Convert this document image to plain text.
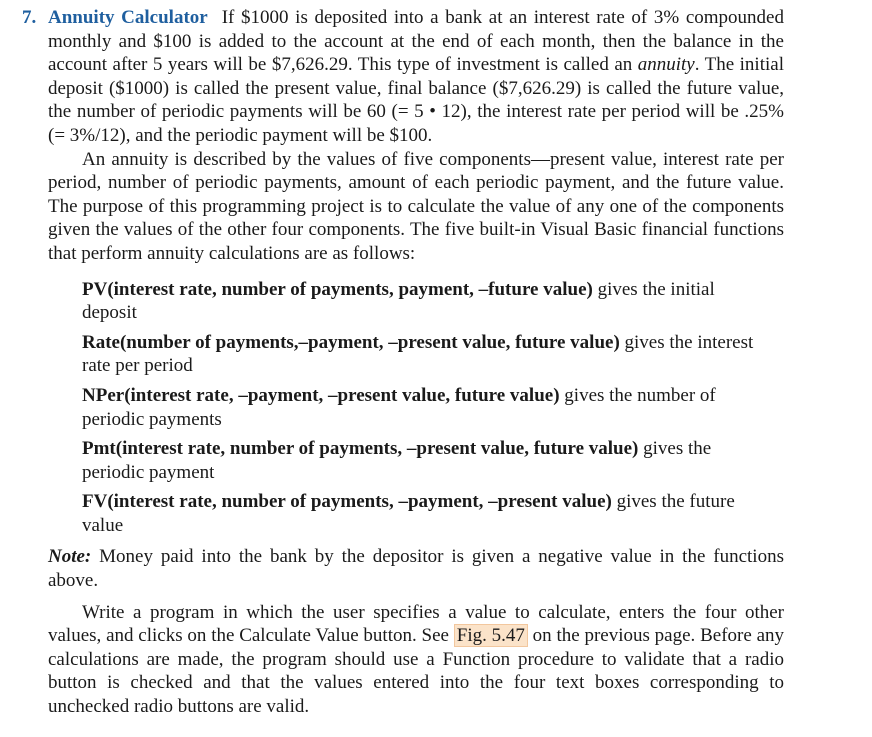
7. Annuity Calculator If $1000 is deposited into a bank at an interest rate of 3% compounded monthly and $100 is added to the account at the end of each month, then the balance in the account after 5 years will be $7,626.29. This type of investment is called an annuity. The initial deposit ($1000) is called the present value, final balance ($7,626.29) is called the future value, the number of periodic payments will be 60 (= 5 • 12), the interest rate per period will be .25% (= 3%/12), and the periodic payment will be $100.

An annuity is described by the values of five components—present value, interest rate per period, number of periodic payments, amount of each periodic payment, and the future value. The purpose of this programming project is to calculate the value of any one of the components given the values of the other four components. The five built-in Visual Basic financial functions that perform annuity calculations are as follows:

PV(interest rate, number of payments, payment, –future value) gives the initial deposit
Rate(number of payments,–payment, –present value, future value) gives the interest rate per period
NPer(interest rate, –payment, –present value, future value) gives the number of periodic payments
Pmt(interest rate, number of payments, –present value, future value) gives the periodic payment
FV(interest rate, number of payments, –payment, –present value) gives the future value

Note: Money paid into the bank by the depositor is given a negative value in the functions above.

Write a program in which the user specifies a value to calculate, enters the four other values, and clicks on the Calculate Value button. See Fig. 5.47 on the previous page. Before any calculations are made, the program should use a Function procedure to validate that a radio button is checked and that the values entered into the four text boxes corresponding to unchecked radio buttons are valid.
